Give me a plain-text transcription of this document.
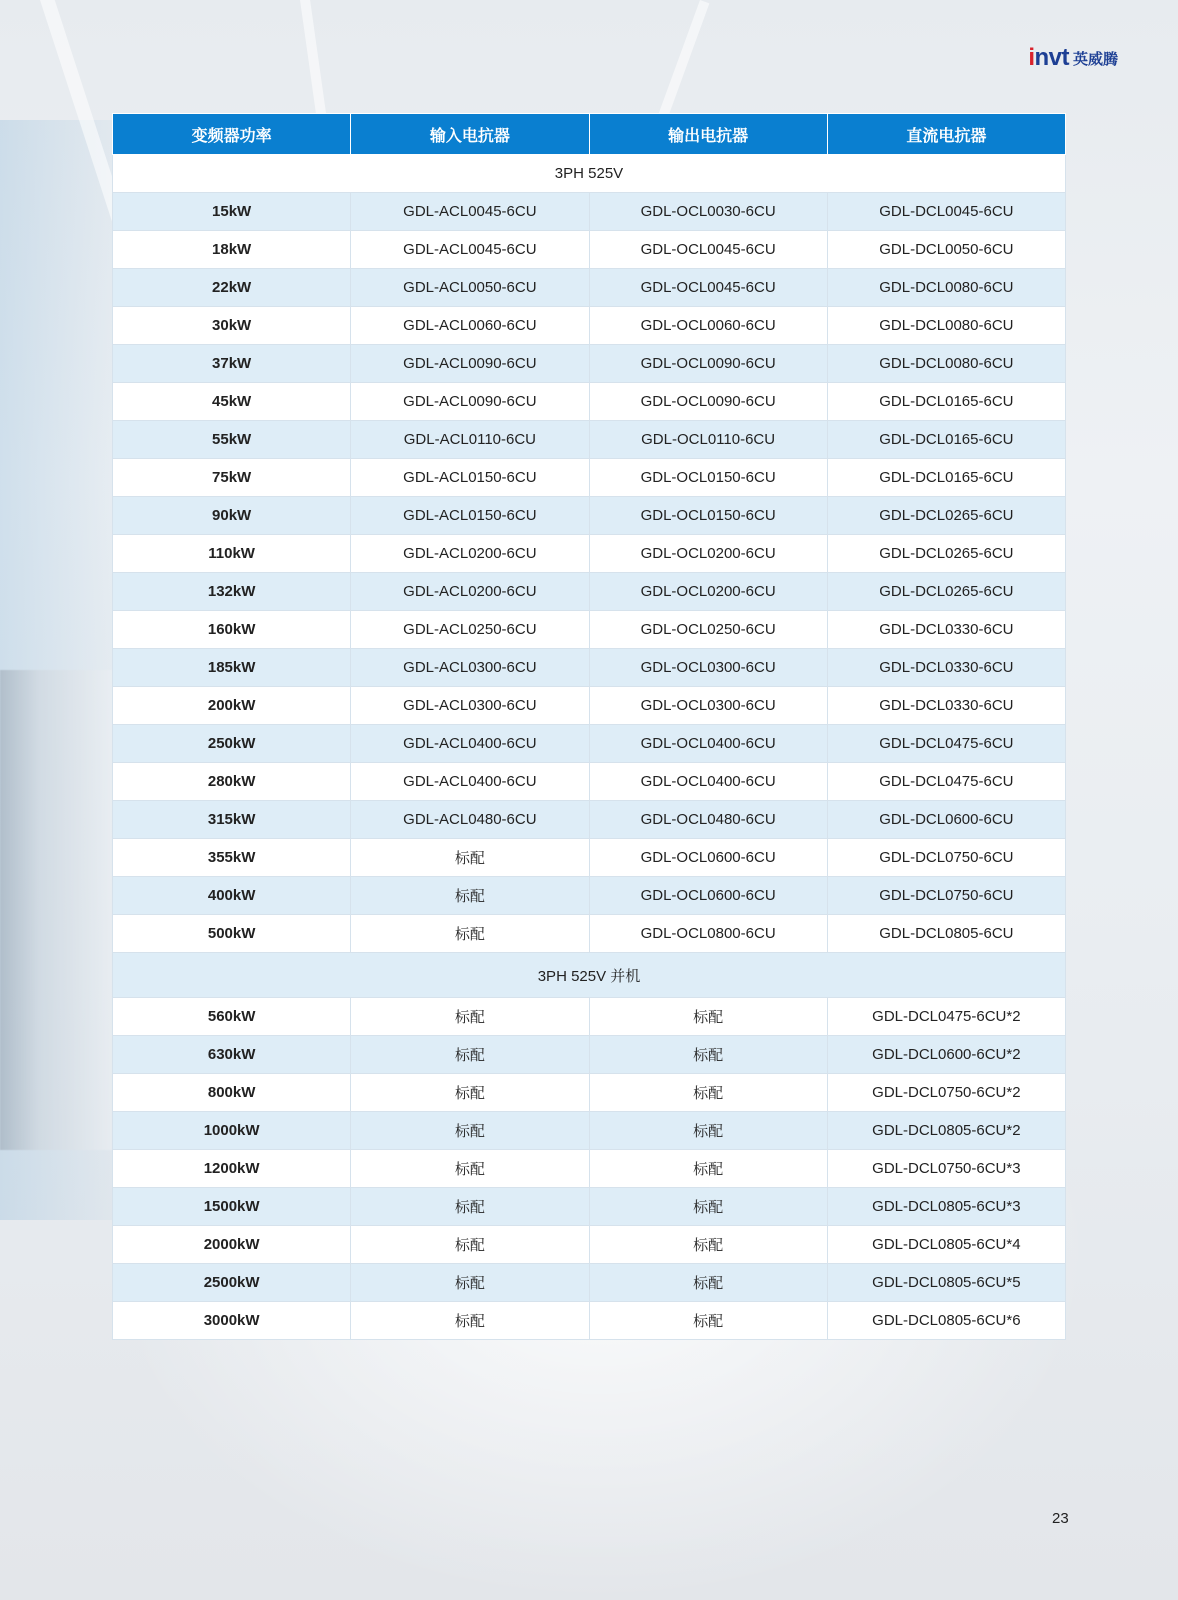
invt 英威腾
变频器功率	输入电抗器	输出电抗器	直流电抗器
3PH 525V			
15kW	GDL-ACL0045-6CU	GDL-OCL0030-6CU	GDL-DCL0045-6CU
18kW	GDL-ACL0045-6CU	GDL-OCL0045-6CU	GDL-DCL0050-6CU
22kW	GDL-ACL0050-6CU	GDL-OCL0045-6CU	GDL-DCL0080-6CU
30kW	GDL-ACL0060-6CU	GDL-OCL0060-6CU	GDL-DCL0080-6CU
37kW	GDL-ACL0090-6CU	GDL-OCL0090-6CU	GDL-DCL0080-6CU
45kW	GDL-ACL0090-6CU	GDL-OCL0090-6CU	GDL-DCL0165-6CU
55kW	GDL-ACL0110-6CU	GDL-OCL0110-6CU	GDL-DCL0165-6CU
75kW	GDL-ACL0150-6CU	GDL-OCL0150-6CU	GDL-DCL0165-6CU
90kW	GDL-ACL0150-6CU	GDL-OCL0150-6CU	GDL-DCL0265-6CU
110kW	GDL-ACL0200-6CU	GDL-OCL0200-6CU	GDL-DCL0265-6CU
132kW	GDL-ACL0200-6CU	GDL-OCL0200-6CU	GDL-DCL0265-6CU
160kW	GDL-ACL0250-6CU	GDL-OCL0250-6CU	GDL-DCL0330-6CU
185kW	GDL-ACL0300-6CU	GDL-OCL0300-6CU	GDL-DCL0330-6CU
200kW	GDL-ACL0300-6CU	GDL-OCL0300-6CU	GDL-DCL0330-6CU
250kW	GDL-ACL0400-6CU	GDL-OCL0400-6CU	GDL-DCL0475-6CU
280kW	GDL-ACL0400-6CU	GDL-OCL0400-6CU	GDL-DCL0475-6CU
315kW	GDL-ACL0480-6CU	GDL-OCL0480-6CU	GDL-DCL0600-6CU
355kW	标配	GDL-OCL0600-6CU	GDL-DCL0750-6CU
400kW	标配	GDL-OCL0600-6CU	GDL-DCL0750-6CU
500kW	标配	GDL-OCL0800-6CU	GDL-DCL0805-6CU
3PH 525V 并机			
560kW	标配	标配	GDL-DCL0475-6CU*2
630kW	标配	标配	GDL-DCL0600-6CU*2
800kW	标配	标配	GDL-DCL0750-6CU*2
1000kW	标配	标配	GDL-DCL0805-6CU*2
1200kW	标配	标配	GDL-DCL0750-6CU*3
1500kW	标配	标配	GDL-DCL0805-6CU*3
2000kW	标配	标配	GDL-DCL0805-6CU*4
2500kW	标配	标配	GDL-DCL0805-6CU*5
3000kW	标配	标配	GDL-DCL0805-6CU*6
23
